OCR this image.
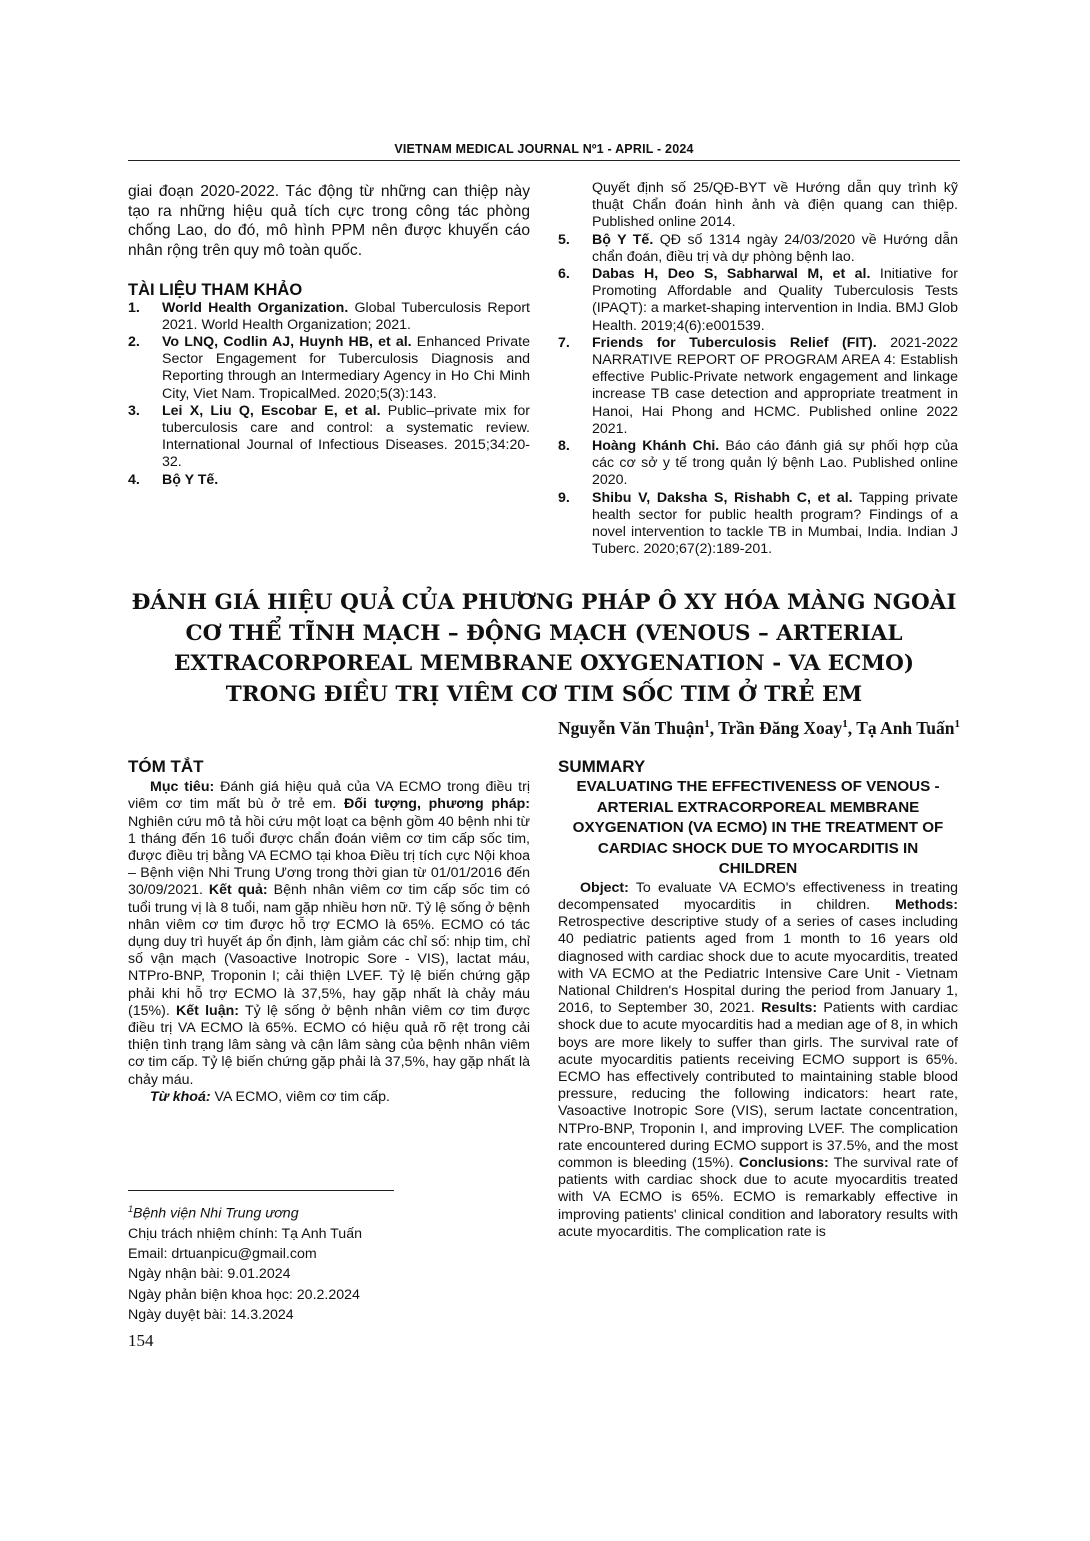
VIETNAM MEDICAL JOURNAL Nº1 - APRIL - 2024

giai đoạn 2020-2022. Tác động từ những can thiệp này tạo ra những hiệu quả tích cực trong công tác phòng chống Lao, do đó, mô hình PPM nên được khuyến cáo nhân rộng trên quy mô toàn quốc.

TÀI LIỆU THAM KHẢO

1. World Health Organization. Global Tuberculosis Report 2021. World Health Organization; 2021.
2. Vo LNQ, Codlin AJ, Huynh HB, et al. Enhanced Private Sector Engagement for Tuberculosis Diagnosis and Reporting through an Intermediary Agency in Ho Chi Minh City, Viet Nam. TropicalMed. 2020;5(3):143.
3. Lei X, Liu Q, Escobar E, et al. Public–private mix for tuberculosis care and control: a systematic review. International Journal of Infectious Diseases. 2015;34:20-32.
4. Bộ Y Tế.
Quyết định số 25/QĐ-BYT về Hướng dẫn quy trình kỹ thuật Chẩn đoán hình ảnh và điện quang can thiệp. Published online 2014.
5. Bộ Y Tế. QĐ số 1314 ngày 24/03/2020 về Hướng dẫn chẩn đoán, điều trị và dự phòng bệnh lao.
6. Dabas H, Deo S, Sabharwal M, et al. Initiative for Promoting Affordable and Quality Tuberculosis Tests (IPAQT): a market-shaping intervention in India. BMJ Glob Health. 2019;4(6):e001539.
7. Friends for Tuberculosis Relief (FIT). 2021-2022 NARRATIVE REPORT OF PROGRAM AREA 4: Establish effective Public-Private network engagement and linkage increase TB case detection and appropriate treatment in Hanoi, Hai Phong and HCMC. Published online 2022 2021.
8. Hoàng Khánh Chi. Báo cáo đánh giá sự phối hợp của các cơ sở y tế trong quản lý bệnh Lao. Published online 2020.
9. Shibu V, Daksha S, Rishabh C, et al. Tapping private health sector for public health program? Findings of a novel intervention to tackle TB in Mumbai, India. Indian J Tuberc. 2020;67(2):189-201.
ĐÁNH GIÁ HIỆU QUẢ CỦA PHƯƠNG PHÁP Ô XY HÓA MÀNG NGOÀI
CƠ THỂ TĨNH MẠCH – ĐỘNG MẠCH (VENOUS – ARTERIAL
EXTRACORPOREAL MEMBRANE OXYGENATION - VA ECMO)
TRONG ĐIỀU TRỊ VIÊM CƠ TIM SỐC TIM Ở TRẺ EM
Nguyễn Văn Thuận$^1$, Trần Đăng Xoay$^1$, Tạ Anh Tuấn$^1$

TÓM TẮT

Mục tiêu: Đánh giá hiệu quả của VA ECMO trong điều trị viêm cơ tim mất bù ở trẻ em. Đối tượng, phương pháp: Nghiên cứu mô tả hồi cứu một loạt ca bệnh gồm 40 bệnh nhi từ 1 tháng đến 16 tuổi được chẩn đoán viêm cơ tim cấp sốc tim, được điều trị bằng VA ECMO tại khoa Điều trị tích cực Nội khoa – Bệnh viện Nhi Trung Ương trong thời gian từ 01/01/2016 đến 30/09/2021. Kết quả: Bệnh nhân viêm cơ tim cấp sốc tim có tuổi trung vị là 8 tuổi, nam gặp nhiều hơn nữ. Tỷ lệ sống ở bệnh nhân viêm cơ tim được hỗ trợ ECMO là 65%. ECMO có tác dụng duy trì huyết áp ổn định, làm giảm các chỉ số: nhịp tim, chỉ số vận mạch (Vasoactive Inotropic Sore - VIS), lactat máu, NTPro-BNP, Troponin I; cải thiện LVEF. Tỷ lệ biến chứng gặp phải khi hỗ trợ ECMO là 37,5%, hay gặp nhất là chảy máu (15%). Kết luận: Tỷ lệ sống ở bệnh nhân viêm cơ tim được điều trị VA ECMO là 65%. ECMO có hiệu quả rõ rệt trong cải thiện tình trạng lâm sàng và cận lâm sàng của bệnh nhân viêm cơ tim cấp. Tỷ lệ biến chứng gặp phải là 37,5%, hay gặp nhất là chảy máu.

Từ khoá: VA ECMO, viêm cơ tim cấp.

$^1$Bệnh viện Nhi Trung ương
Chịu trách nhiệm chính: Tạ Anh Tuấn
Email: drtuanpicu@gmail.com
Ngày nhận bài: 9.01.2024
Ngày phản biện khoa học: 20.2.2024
Ngày duyệt bài: 14.3.2024
154

SUMMARY

EVALUATING THE EFFECTIVENESS OF VENOUS - ARTERIAL EXTRACORPOREAL MEMBRANE OXYGENATION (VA ECMO) IN THE TREATMENT OF CARDIAC SHOCK DUE TO MYOCARDITIS IN CHILDREN

Object: To evaluate VA ECMO's effectiveness in treating decompensated myocarditis in children. Methods: Retrospective descriptive study of a series of cases including 40 pediatric patients aged from 1 month to 16 years old diagnosed with cardiac shock due to acute myocarditis, treated with VA ECMO at the Pediatric Intensive Care Unit - Vietnam National Children's Hospital during the period from January 1, 2016, to September 30, 2021. Results: Patients with cardiac shock due to acute myocarditis had a median age of 8, in which boys are more likely to suffer than girls. The survival rate of acute myocarditis patients receiving ECMO support is 65%. ECMO has effectively contributed to maintaining stable blood pressure, reducing the following indicators: heart rate, Vasoactive Inotropic Sore (VIS), serum lactate concentration, NTPro-BNP, Troponin I, and improving LVEF. The complication rate encountered during ECMO support is 37.5%, and the most common is bleeding (15%). Conclusions: The survival rate of patients with cardiac shock due to acute myocarditis treated with VA ECMO is 65%. ECMO is remarkably effective in improving patients' clinical condition and laboratory results with acute myocarditis. The complication rate is
